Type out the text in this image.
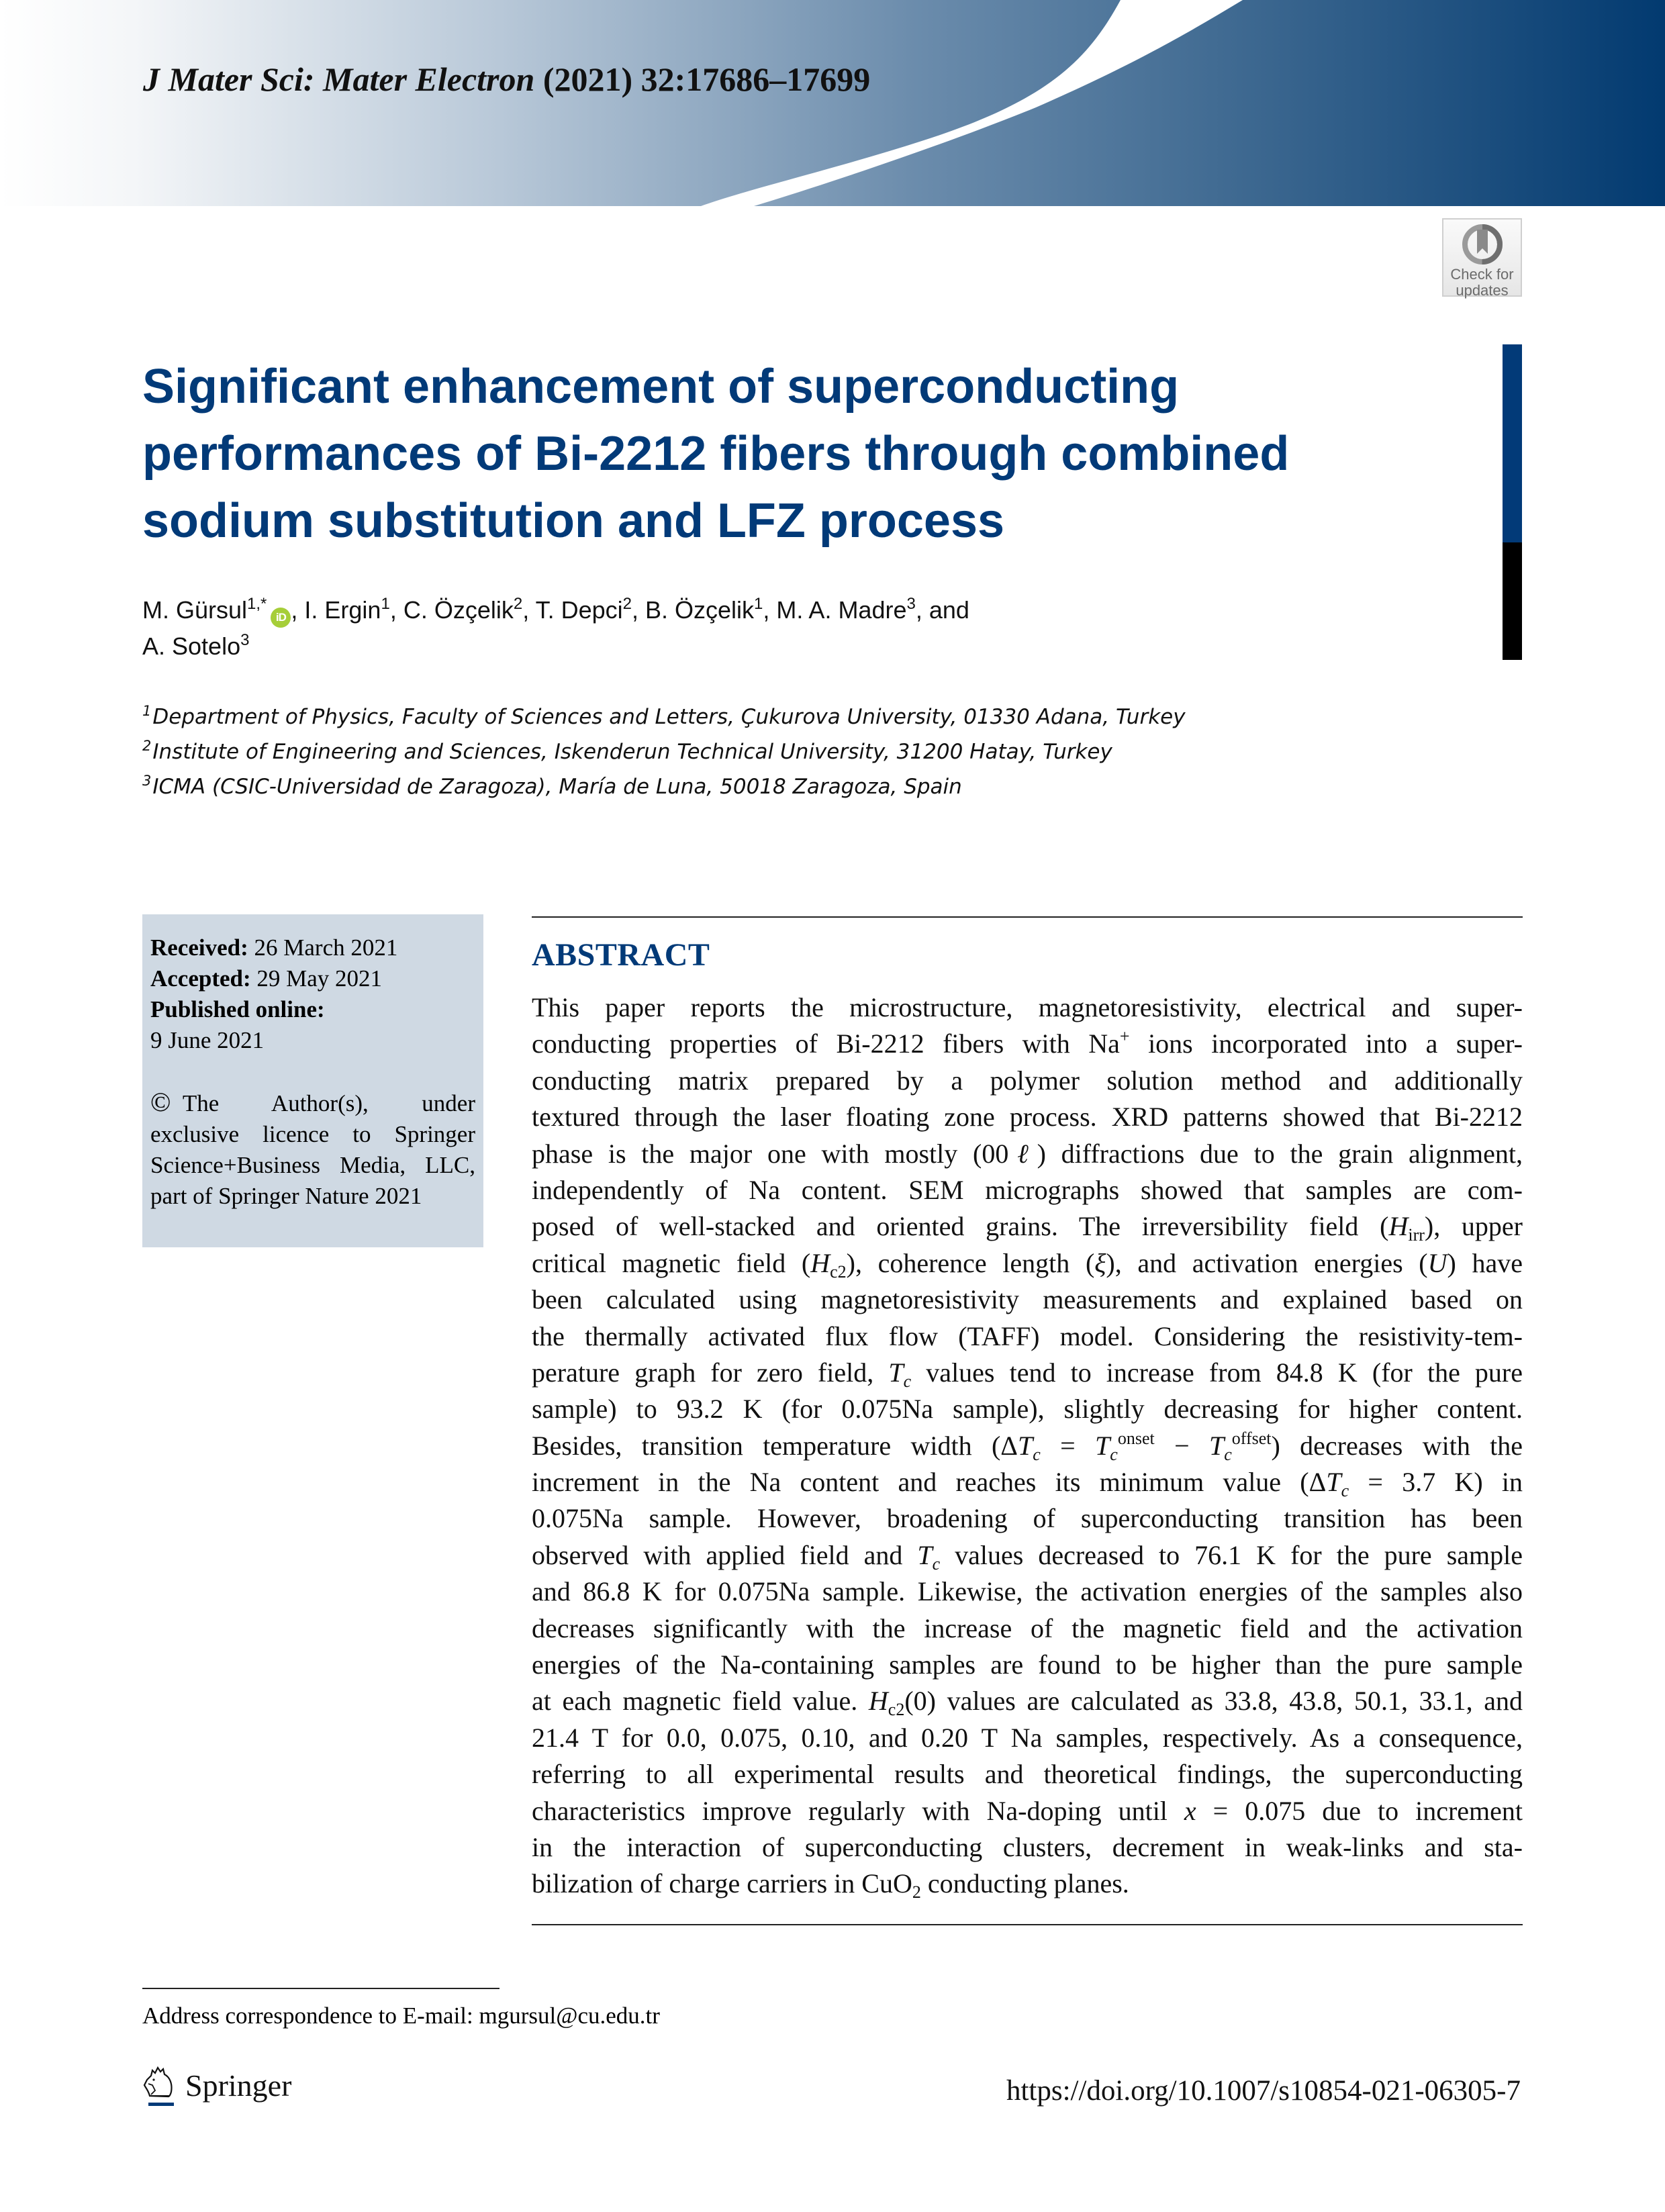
J Mater Sci: Mater Electron (2021) 32:17686–17699
Check for
updates
Significant enhancement of superconducting
performances of Bi-2212 fibers through combined
sodium substitution and LFZ process
M. Gürsul$^{1,*}$iD , I. Ergin$^1$, C. Özçelik$^2$, T. Depci$^2$, B. Özçelik$^1$, M. A. Madre$^3$, and
A. Sotelo$^3$
$^1$Department of Physics, Faculty of Sciences and Letters, Çukurova University, 01330 Adana, Turkey
$^2$Institute of Engineering and Sciences, Iskenderun Technical University, 31200 Hatay, Turkey
$^3$ICMA (CSIC-Universidad de Zaragoza), María de Luna, 50018 Zaragoza, Spain
Received: 26 March 2021
Accepted: 29 May 2021
Published online:
9 June 2021
© The Author(s), under
exclusive licence to Springer
Science+Business Media, LLC,
part of Springer Nature 2021
ABSTRACT
This paper reports the microstructure, magnetoresistivity, electrical and super-
conducting properties of Bi-2212 fibers with Na+ ions incorporated into a super-
conducting matrix prepared by a polymer solution method and additionally
textured through the laser floating zone process. XRD patterns showed that Bi-2212
phase is the major one with mostly (00ℓ) diffractions due to the grain alignment,
independently of Na content. SEM micrographs showed that samples are com-
posed of well-stacked and oriented grains. The irreversibility field $(H_{irr})$, upper
critical magnetic field $(H_{c2})$, coherence length (ξ), and activation energies (U) have
been calculated using magnetoresistivity measurements and explained based on
the thermally activated flux flow (TAFF) model. Considering the resistivity-tem-
perature graph for zero field, $T_c$ values tend to increase from 84.8 K (for the pure
sample) to 93.2 K (for 0.075Na sample), slightly decreasing for higher content.
Besides, transition temperature width $(\Delta T_c = T_c^{onset} - T_c^{offset})$ decreases with the
increment in the Na content and reaches its minimum value ($\Delta T_c = 3.7$ K) in
0.075Na sample. However, broadening of superconducting transition has been
observed with applied field and $T_c$ values decreased to 76.1 K for the pure sample
and 86.8 K for 0.075Na sample. Likewise, the activation energies of the samples also
decreases significantly with the increase of the magnetic field and the activation
energies of the Na-containing samples are found to be higher than the pure sample
at each magnetic field value. $H_{c2}(0)$ values are calculated as 33.8, 43.8, 50.1, 33.1, and
21.4 T for 0.0, 0.075, 0.10, and 0.20 T Na samples, respectively. As a consequence,
referring to all experimental results and theoretical findings, the superconducting
characteristics improve regularly with Na-doping until x = 0.075 due to increment
in the interaction of superconducting clusters, decrement in weak-links and sta-
bilization of charge carriers in CuO$_2$ conducting planes.
Address correspondence to E-mail: mgursul@cu.edu.tr
Springer	https://doi.org/10.1007/s10854-021-06305-7
